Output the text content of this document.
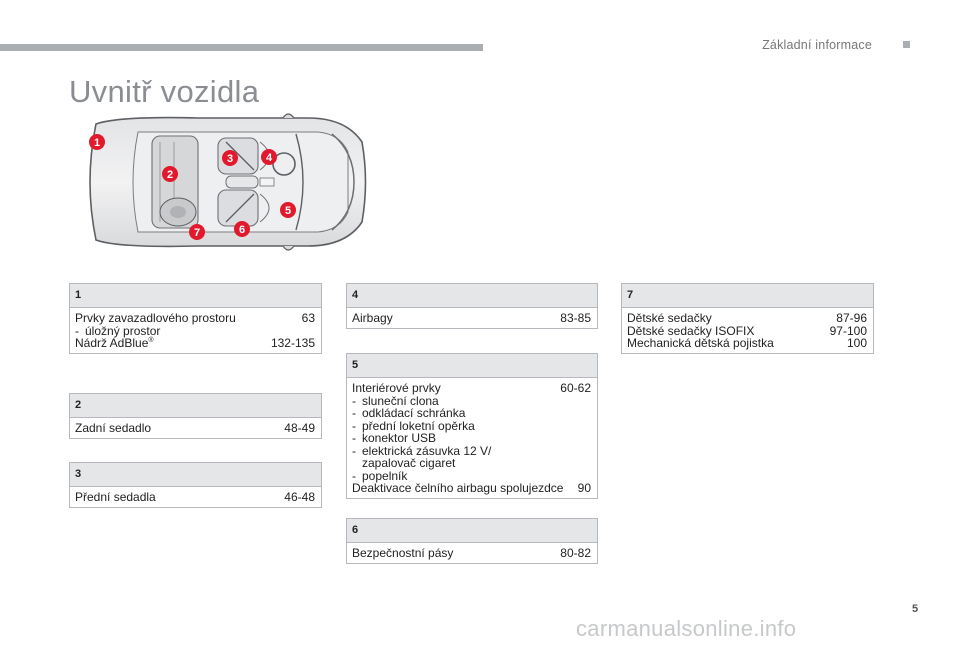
Základní informace
Uvnitř vozidla
1
2
3	4
5
6
7
1
Prvky zavazadlového prostoru	63
- úložný prostor
Nádrž AdBlue®	132-135
2
Zadní sedadlo	48-49
3
Přední sedadla	46-48
4
Airbagy	83-85
5
Interiérové prvky	60-62
- sluneční clona
- odkládací schránka
- přední loketní opěrka
- konektor USB
- elektrická zásuvka 12 V/
zapalovač cigaret
- popelník
Deaktivace čelního airbagu spolujezdce	90
6
Bezpečnostní pásy	80-82
7
Dětské sedačky	87-96
Dětské sedačky ISOFIX	97-100
Mechanická dětská pojistka	100
5
carmanualsonline.info
